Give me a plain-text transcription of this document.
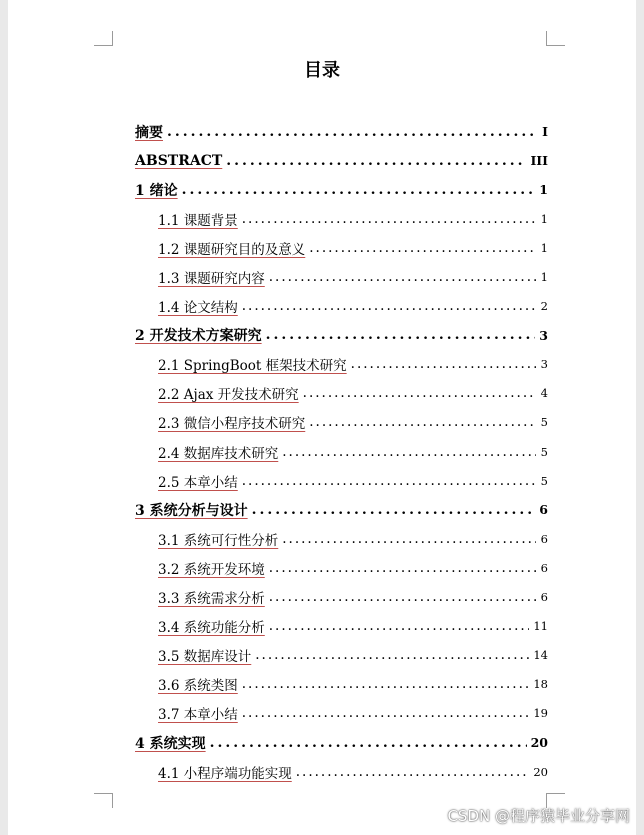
目录
摘要 .....	I
ABSTRACT .....	III
1 绪论 .....	1
1.1 课题背景 .....	1
1.2 课题研究目的及意义 .....	1
1.3 课题研究内容 .....	1
1.4 论文结构 .....	2
2 开发技术方案研究 .....	3
2.1 SpringBoot 框架技术研究 .....	3
2.2 Ajax 开发技术研究 .....	4
2.3 微信小程序技术研究 .....	5
2.4 数据库技术研究 .....	5
2.5 本章小结 .....	5
3 系统分析与设计 .....	6
3.1 系统可行性分析 .....	6
3.2 系统开发环境 .....	6
3.3 系统需求分析 .....	6
3.4 系统功能分析 .....	11
3.5 数据库设计 .....	14
3.6 系统类图 .....	18
3.7 本章小结 .....	19
4 系统实现 .....	20
4.1 小程序端功能实现 .....	20
CSDN @程序猿毕业分享网
